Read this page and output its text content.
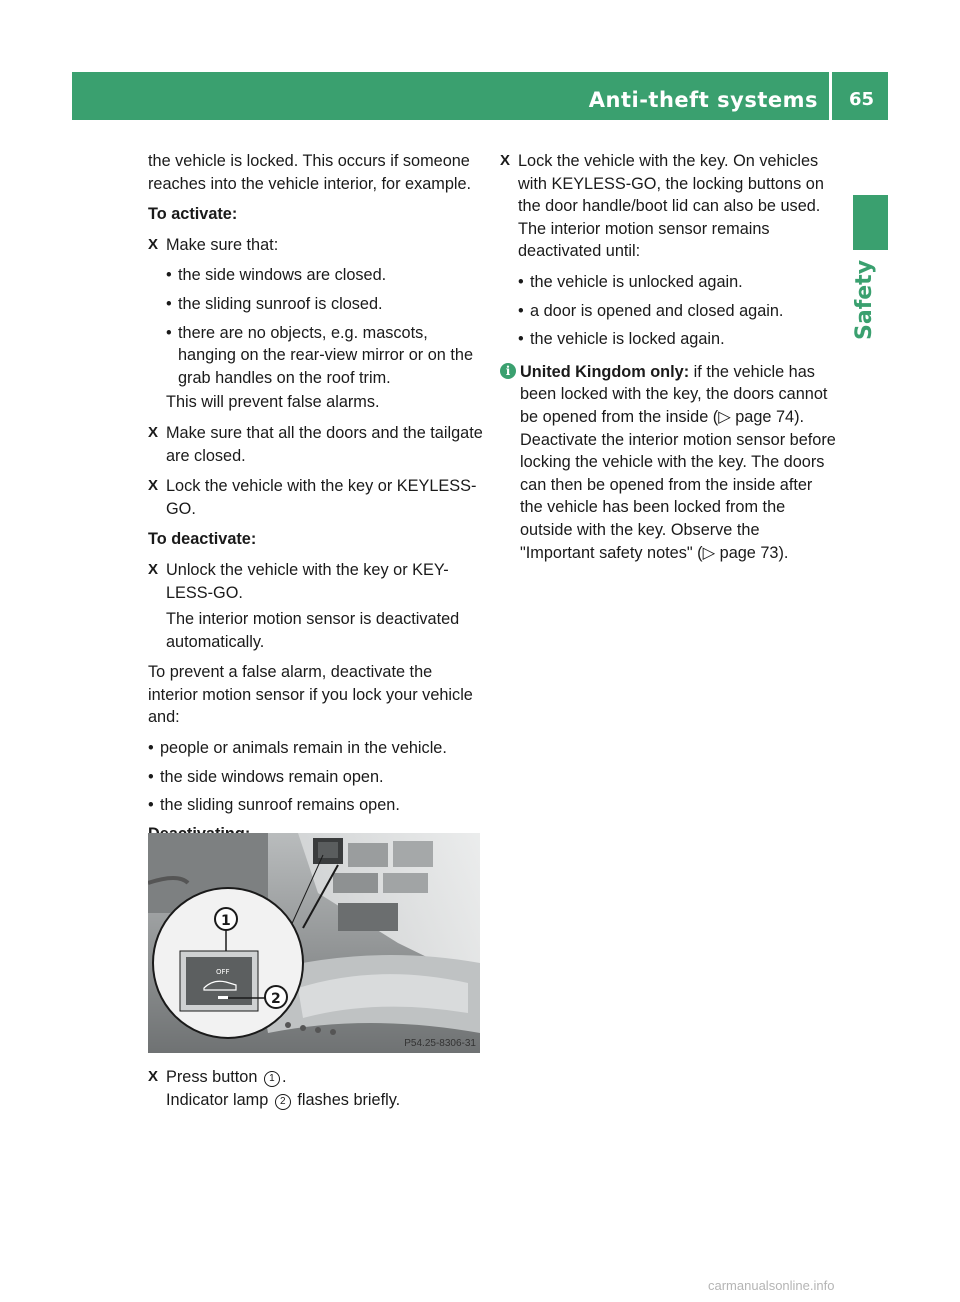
Anti-theft systems 65
Safety

the vehicle is locked. This occurs if someone reaches into the vehicle interior, for example.

To activate:
X Make sure that:
• the side windows are closed.
• the sliding sunroof is closed.
• there are no objects, e.g. mascots, hanging on the rear-view mirror or on the grab handles on the roof trim.
This will prevent false alarms.
X Make sure that all the doors and the tailgate are closed.
X Lock the vehicle with the key or KEYLESS-GO.
To deactivate:
X Unlock the vehicle with the key or KEY-LESS-GO.
The interior motion sensor is deactivated automatically.

To prevent a false alarm, deactivate the interior motion sensor if you lock your vehicle and:

• people or animals remain in the vehicle.
• the side windows remain open.
• the sliding sunroof remains open.
X
OFF
1
2
P54.25-8306-31
X Press button 1 .
Indicator lamp 2 flashes briefly.
X Lock the vehicle with the key. On vehicles with KEYLESS-GO, the locking buttons on the door handle/boot lid can also be used. The interior motion sensor remains deactivated until:
• the vehicle is unlocked again.
• a door is opened and closed again.
• the vehicle is locked again.
i United Kingdom only: if the vehicle has been locked with the key, the doors cannot be opened from the inside (▷ page 74). Deactivate the interior motion sensor before locking the vehicle with the key. The doors can then be opened from the inside after the vehicle has been locked from the outside with the key. Observe the "Important safety notes" (▷ page 73).
carmanualsonline.info
